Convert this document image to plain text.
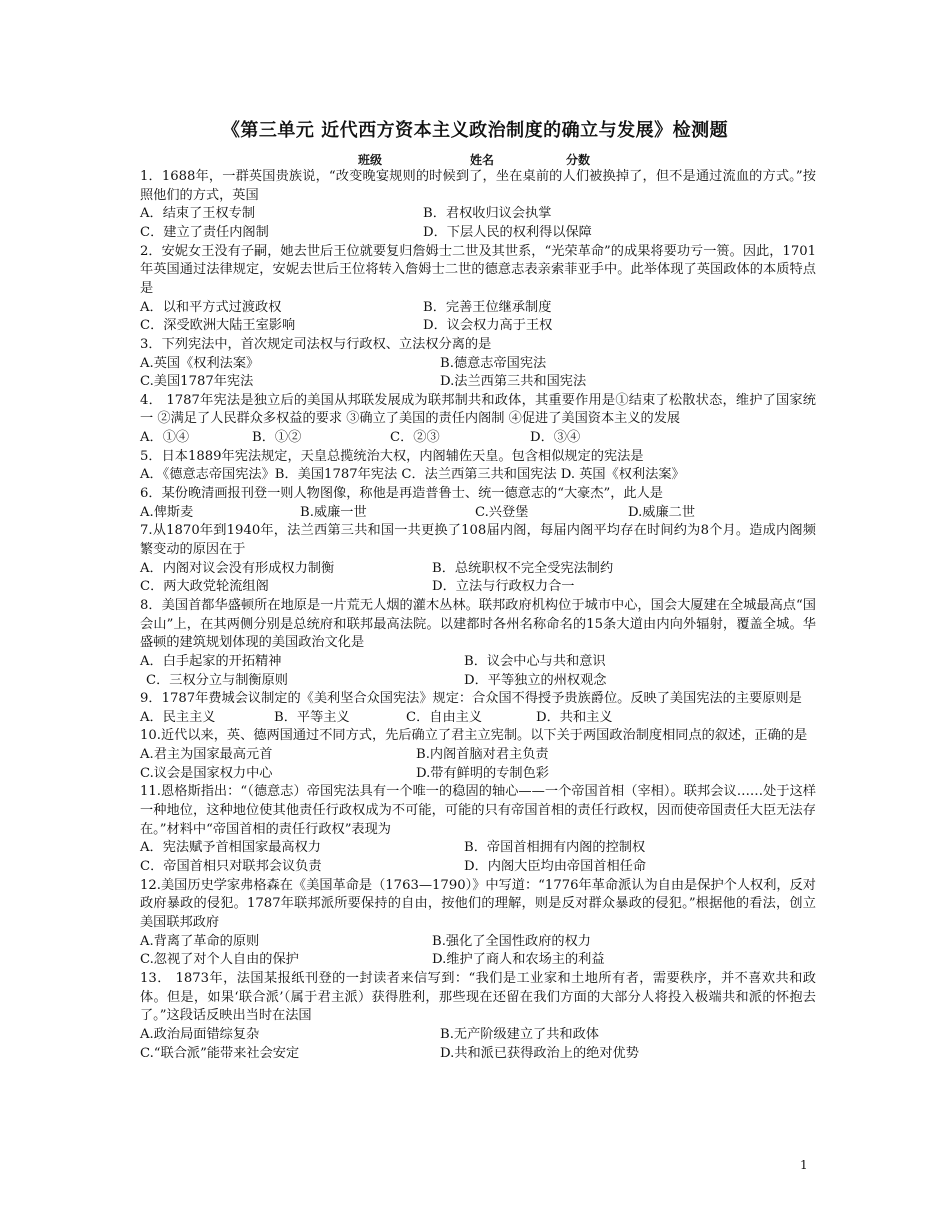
《第三单元 近代西方资本主义政治制度的确立与发展》检测题
班级	姓名	分数

1．1688年，一群英国贵族说，“改变晚宴规则的时候到了，坐在桌前的人们被换掉了，但不是通过流血的方式。”按照他们的方式，英国

A．结束了王权专制	B．君权收归议会执掌
C．建立了责任内阁制	D．下层人民的权利得以保障

2．安妮女王没有子嗣，她去世后王位就要复归詹姆士二世及其世系，“光荣革命”的成果将要功亏一篑。因此，1701年英国通过法律规定，安妮去世后王位将转入詹姆士二世的德意志表亲索菲亚手中。此举体现了英国政体的本质特点是

A．以和平方式过渡政权	B．完善王位继承制度
C．深受欧洲大陆王室影响	D．议会权力高于王权

3．下列宪法中，首次规定司法权与行政权、立法权分离的是

A.英国《权利法案》	B.德意志帝国宪法
C.美国1787年宪法	D.法兰西第三共和国宪法

4． 1787年宪法是独立后的美国从邦联发展成为联邦制共和政体，其重要作用是①结束了松散状态，维护了国家统一 ②满足了人民群众多权益的要求 ③确立了美国的责任内阁制 ④促进了美国资本主义的发展

A．①④	B．①②	C．②③	D．③④

5．日本1889年宪法规定，天皇总揽统治大权，内阁辅佐天皇。包含相似规定的宪法是

A．《德意志帝国宪法》B．美国1787年宪法 C．法兰西第三共和国宪法 D. 英国《权利法案》

6．某份晚清画报刊登一则人物图像，称他是再造普鲁士、统一德意志的“大豪杰”，此人是

A.俾斯麦	B.威廉一世	C.兴登堡	D.威廉二世

7.从1870年到1940年，法兰西第三共和国一共更换了108届内阁，每届内阁平均存在时间约为8个月。造成内阁频繁变动的原因在于

A．内阁对议会没有形成权力制衡	B．总统职权不完全受宪法制约
C．两大政党轮流组阁	D．立法与行政权力合一

8．美国首都华盛顿所在地原是一片荒无人烟的灌木丛林。联邦政府机构位于城市中心，国会大厦建在全城最高点“国会山”上，在其两侧分别是总统府和联邦最高法院。以建都时各州名称命名的15条大道由内向外辐射，覆盖全城。华盛顿的建筑规划体现的美国政治文化是

A．白手起家的开拓精神	B．议会中心与共和意识
C．三权分立与制衡原则	D．平等独立的州权观念

9．1787年费城会议制定的《美利坚合众国宪法》规定：合众国不得授予贵族爵位。反映了美国宪法的主要原则是

A．民主主义	B．平等主义	C．自由主义	D．共和主义

10.近代以来，英、德两国通过不同方式，先后确立了君主立宪制。以下关于两国政治制度相同点的叙述，正确的是

A.君主为国家最高元首	B.内阁首脑对君主负责
C.议会是国家权力中心	D.带有鲜明的专制色彩

11.恩格斯指出：“（德意志）帝国宪法具有一个唯一的稳固的轴心——一个帝国首相（宰相）。联邦会议……处于这样一种地位，这种地位使其他责任行政权成为不可能，可能的只有帝国首相的责任行政权，因而使帝国责任大臣无法存在。”材料中“帝国首相的责任行政权”表现为

A．宪法赋予首相国家最高权力	B．帝国首相拥有内阁的控制权
C．帝国首相只对联邦会议负责	D．内阁大臣均由帝国首相任命

12.美国历史学家弗格森在《美国革命是（1763—1790）》中写道：“1776年革命派认为自由是保护个人权利，反对政府暴政的侵犯。1787年联邦派所要保持的自由，按他们的理解，则是反对群众暴政的侵犯。”根据他的看法，创立美国联邦政府

A.背离了革命的原则	B.强化了全国性政府的权力
C.忽视了对个人自由的保护	D.维护了商人和农场主的利益

13． 1873年，法国某报纸刊登的一封读者来信写到：“我们是工业家和土地所有者，需要秩序，并不喜欢共和政体。但是，如果‘联合派’（属于君主派）获得胜利，那些现在还留在我们方面的大部分人将投入极端共和派的怀抱去了。”这段话反映出当时在法国

A.政治局面错综复杂	B.无产阶级建立了共和政体
C.“联合派”能带来社会安定	D.共和派已获得政治上的绝对优势
1
